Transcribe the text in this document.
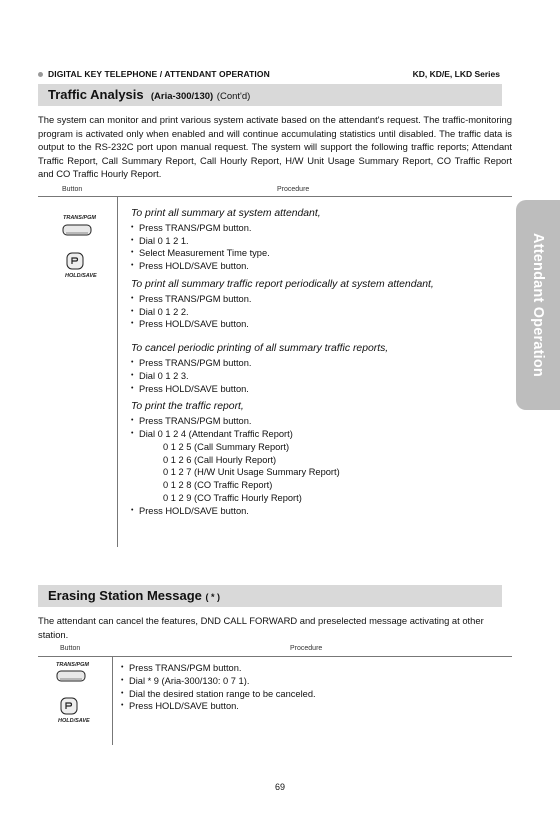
DIGITAL KEY TELEPHONE / ATTENDANT OPERATION	KD, KD/E, LKD Series
Attendant Operation
Traffic Analysis (Aria-300/130) (Cont'd)
The system can monitor and print various system activate based on the attendant's request. The traffic-monitoring program is activated only when enabled and will continue accumulating statistics until disabled. The traffic data is output to the RS-232C port upon manual request. The system will support the following traffic reports; Attendant Traffic Report, Call Summary Report, Call Hourly Report, H/W Unit Usage Summary Report, CO Traffic Report and CO Traffic Hourly Report.
Button	Procedure
TRANS/PGM
HOLD/SAVE
To print all summary at system attendant,
• Press TRANS/PGM button.
• Dial 0 1 2 1.
• Select Measurement Time type.
• Press HOLD/SAVE button.
To print all summary traffic report periodically at system attendant,
• Press TRANS/PGM button.
• Dial 0 1 2 2.
• Press HOLD/SAVE button.
To cancel periodic printing of all summary traffic reports,
• Press TRANS/PGM button.
• Dial 0 1 2 3.
• Press HOLD/SAVE button.
To print the traffic report,
• Press TRANS/PGM button.
• Dial 0 1 2 4 (Attendant Traffic Report)
0 1 2 5 (Call Summary Report)
0 1 2 6 (Call Hourly Report)
0 1 2 7 (H/W Unit Usage Summary Report)
0 1 2 8 (CO Traffic Report)
0 1 2 9 (CO Traffic Hourly Report)
• Press HOLD/SAVE button.
Erasing Station Message ( * )
The attendant can cancel the features, DND CALL FORWARD and preselected message activating at other station.
Button	Procedure
TRANS/PGM
HOLD/SAVE
• Press TRANS/PGM button.
• Dial * 9 (Aria-300/130: 0 7 1).
• Dial the desired station range to be canceled.
• Press HOLD/SAVE button.
69
